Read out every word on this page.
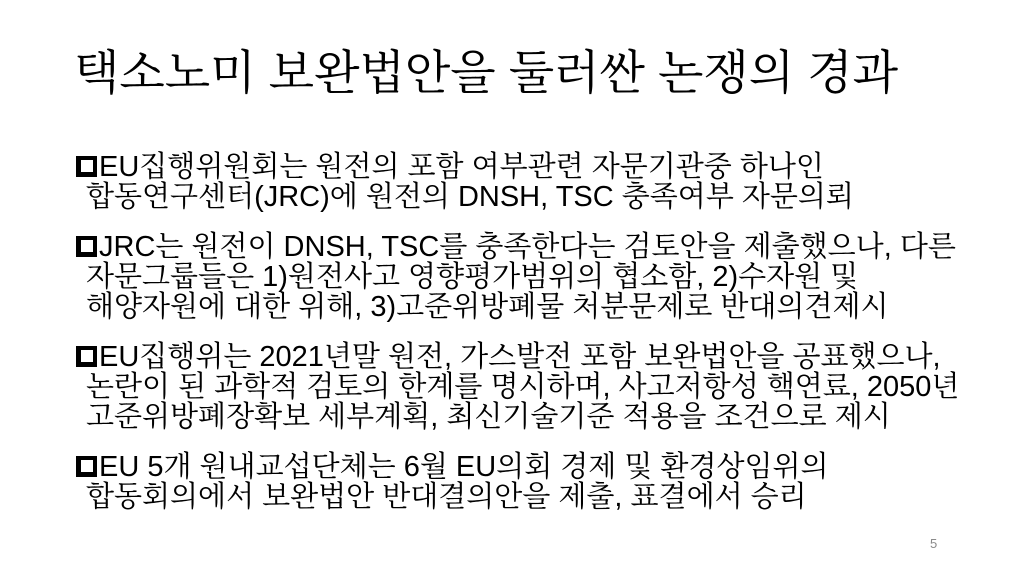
택소노미 보완법안을 둘러싼 논쟁의 경과

EU집행위원회는 원전의 포함 여부관련 자문기관중 하나인
합동연구센터(JRC)에 원전의 DNSH, TSC 충족여부 자문의뢰

JRC는 원전이 DNSH, TSC를 충족한다는 검토안을 제출했으나, 다른
자문그룹들은 1)원전사고 영향평가범위의 협소함, 2)수자원 및
해양자원에 대한 위해, 3)고준위방폐물 처분문제로 반대의견제시

EU집행위는 2021년말 원전, 가스발전 포함 보완법안을 공표했으나,
논란이 된 과학적 검토의 한계를 명시하며, 사고저항성 핵연료, 2050년
고준위방폐장확보 세부계획, 최신기술기준 적용을 조건으로 제시

EU 5개 원내교섭단체는 6월 EU의회 경제 및 환경상임위의
합동회의에서 보완법안 반대결의안을 제출, 표결에서 승리

5
